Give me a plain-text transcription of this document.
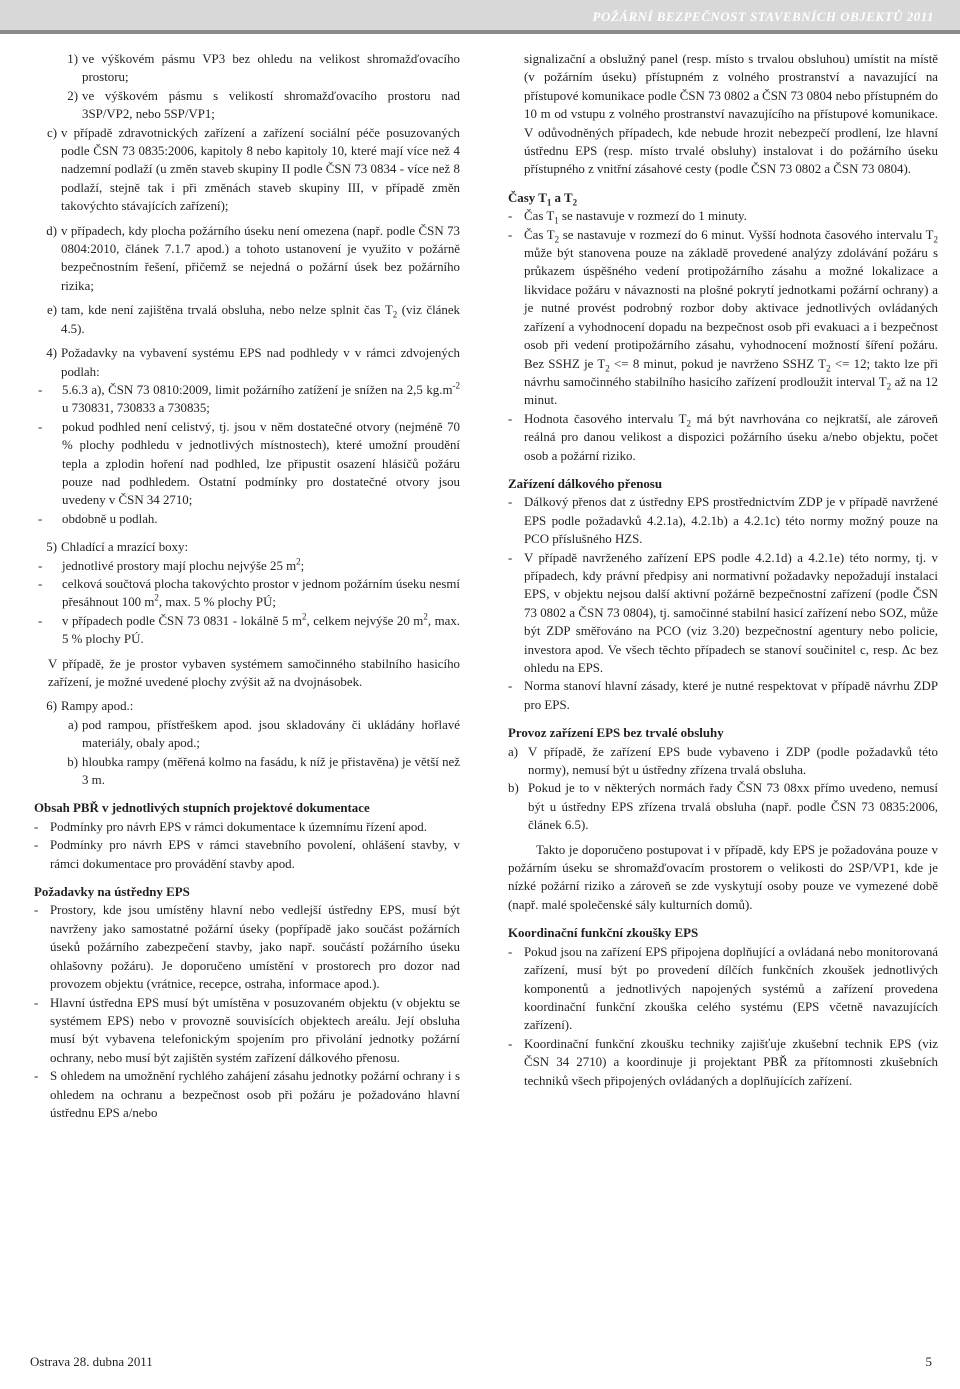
POŽÁRNÍ BEZPEČNOST STAVEBNÍCH OBJEKTŮ 2011
1) ve výškovém pásmu VP3 bez ohledu na velikost shromažďovacího prostoru;
2) ve výškovém pásmu s velikostí shromažďovacího prostoru nad 3SP/VP2, nebo 5SP/VP1;
c) v případě zdravotnických zařízení a zařízení sociální péče posuzovaných podle ČSN 73 0835:2006, kapitoly 8 nebo kapitoly 10, které mají více než 4 nadzemní podlaží (u změn staveb skupiny II podle ČSN 73 0834 - více než 8 podlaží, stejně tak i při změnách staveb skupiny III, v případě změn takovýchto stávajících zařízení);
d) v případech, kdy plocha požárního úseku není omezena (např. podle ČSN 73 0804:2010, článek 7.1.7 apod.) a tohoto ustanovení je využito v požárně bezpečnostním řešení, přičemž se nejedná o požární úsek bez požárního rizika;
e) tam, kde není zajištěna trvalá obsluha, nebo nelze splnit čas $T_2$ (viz článek 4.5).
4) Požadavky na vybavení systému EPS nad podhledy v v rámci zdvojených podlah:
-	5.6.3 a), ČSN 73 0810:2009, limit požárního zatížení je snížen na 2,5 $kg.m^{-2}$ u 730831, 730833 a 730835;
-	pokud podhled není celistvý, tj. jsou v něm dostatečné otvory (nejméně 70 % plochy podhledu v jednotlivých místnostech), které umožní proudění tepla a zplodin hoření nad podhled, lze připustit osazení hlásičů požáru pouze nad podhledem. Ostatní podmínky pro dostatečné otvory jsou uvedeny v ČSN 34 2710;
-	obdobně u podlah.
5) Chladící a mrazící boxy:
-	jednotlivé prostory mají plochu nejvýše 25 $m^2$;
-	celková součtová plocha takovýchto prostor v jednom požárním úseku nesmí přesáhnout 100 $m^2$, max. 5 % plochy PÚ;
-	v případech podle ČSN 73 0831 - lokálně 5 $m^2$, celkem nejvýše 20 $m^2$, max. 5 % plochy PÚ.

V případě, že je prostor vybaven systémem samočinného stabilního hasicího zařízení, je možné uvedené plochy zvýšit až na dvojnásobek.

6) Rampy apod.:
a) pod rampou, přístřeškem apod. jsou skladovány či ukládány hořlavé materiály, obaly apod.;
b) hloubka rampy (měřená kolmo na fasádu, k níž je přistavěna) je větší než 3 m.

Obsah PBŘ v jednotlivých stupních projektové dokumentace

- Podmínky pro návrh EPS v rámci dokumentace k územnímu řízení apod.
- Podmínky pro návrh EPS v rámci stavebního povolení, ohlášení stavby, v rámci dokumentace pro provádění stavby apod.

Požadavky na ústředny EPS

- Prostory, kde jsou umístěny hlavní nebo vedlejší ústředny EPS, musí být navrženy jako samostatné požární úseky (popřípadě jako součást požárních úseků požárního zabezpečení stavby, jako např. součástí požárního úseku ohlašovny požáru). Je doporučeno umístění v prostorech pro dozor nad provozem objektu (vrátnice, recepce, ostraha, informace apod.).
- Hlavní ústředna EPS musí být umístěna v posuzovaném objektu (v objektu se systémem EPS) nebo v provozně souvisících objektech areálu. Její obsluha musí být vybavena telefonickým spojením pro přivolání jednotky požární ochrany, nebo musí být zajištěn systém zařízení dálkového přenosu.
- S ohledem na umožnění rychlého zahájení zásahu jednotky požární ochrany i s ohledem na ochranu a bezpečnost osob při požáru je požadováno hlavní ústřednu EPS a/nebo

signalizační a obslužný panel (resp. místo s trvalou obsluhou) umístit na místě (v požárním úseku) přístupném z volného prostranství a navazující na přístupové komunikace podle ČSN 73 0802 a ČSN 73 0804 nebo přístupném do 10 m od vstupu z volného prostranství navazujícího na přístupové komunikace. V odůvodněných případech, kde nebude hrozit nebezpečí prodlení, lze hlavní ústřednu EPS (resp. místo trvalé obsluhy) instalovat i do požárního úseku přístupného z vnitřní zásahové cesty (podle ČSN 73 0802 a ČSN 73 0804).

Časy $T_1$ a $T_2$

- Čas $T_1$ se nastavuje v rozmezí do 1 minuty.
- Čas $T_2$ se nastavuje v rozmezí do 6 minut. Vyšší hodnota časového intervalu $T_2$ může být stanovena pouze na základě provedené analýzy zdolávání požáru s průkazem úspěšného vedení protipožárního zásahu a možné lokalizace a likvidace požáru v návaznosti na plošné pokrytí jednotkami požární ochrany) a je nutné provést podrobný rozbor doby aktivace jednotlivých ovládaných zařízení a vyhodnocení dopadu na bezpečnost osob při evakuaci a i bezpečnost osob při vedení protipožárního zásahu, vyhodnocení možností šíření požáru. Bez SSHZ je $T_2 <= 8$ minut, pokud je navrženo SSHZ $T_2 <= 12$; takto lze při návrhu samočinného stabilního hasicího zařízení prodloužit interval $T_2$ až na 12 minut.
- Hodnota časového intervalu $T_2$ má být navrhována co nejkratší, ale zároveň reálná pro danou velikost a dispozici požárního úseku a/nebo objektu, počet osob a požární riziko.

Zařízení dálkového přenosu

- Dálkový přenos dat z ústředny EPS prostřednictvím ZDP je v případě navržené EPS podle požadavků 4.2.1a), 4.2.1b) a 4.2.1c) této normy možný pouze na PCO příslušného HZS.
- V případě navrženého zařízení EPS podle 4.2.1d) a 4.2.1e) této normy, tj. v případech, kdy právní předpisy ani normativní požadavky nepožadují instalaci EPS, v objektu nejsou další aktivní požárně bezpečnostní zařízení (podle ČSN 73 0802 a ČSN 73 0804), tj. samočinné stabilní hasicí zařízení nebo SOZ, může být ZDP směřováno na PCO (viz 3.20) bezpečnostní agentury nebo policie, investora apod. Ve všech těchto případech se stanoví součinitel c, resp. Δc bez ohledu na EPS.
- Norma stanoví hlavní zásady, které je nutné respektovat v případě návrhu ZDP pro EPS.

Provoz zařízení EPS bez trvalé obsluhy

a) V případě, že zařízení EPS bude vybaveno i ZDP (podle požadavků této normy), nemusí být u ústředny zřízena trvalá obsluha.
b) Pokud je to v některých normách řady ČSN 73 08xx přímo uvedeno, nemusí být u ústředny EPS zřízena trvalá obsluha (např. podle ČSN 73 0835:2006, článek 6.5).

Takto je doporučeno postupovat i v případě, kdy EPS je požadována pouze v požárním úseku se shromažďovacím prostorem o velikosti do 2SP/VP1, kde je nízké požární riziko a zároveň se zde vyskytují osoby pouze ve vymezené době (např. malé společenské sály kulturních domů).

Koordinační funkční zkoušky EPS

- Pokud jsou na zařízení EPS připojena doplňující a ovládaná nebo monitorovaná zařízení, musí být po provedení dílčích funkčních zkoušek jednotlivých komponentů a jednotlivých napojených systémů a zařízení provedena koordinační funkční zkouška celého systému (EPS včetně navazujících zařízení).
- Koordinační funkční zkoušku techniky zajišťuje zkušební technik EPS (viz ČSN 34 2710) a koordinuje ji projektant PBŘ za přítomnosti zkušebních techniků všech připojených ovládaných a doplňujících zařízení.
Ostrava 28. dubna 2011	5
